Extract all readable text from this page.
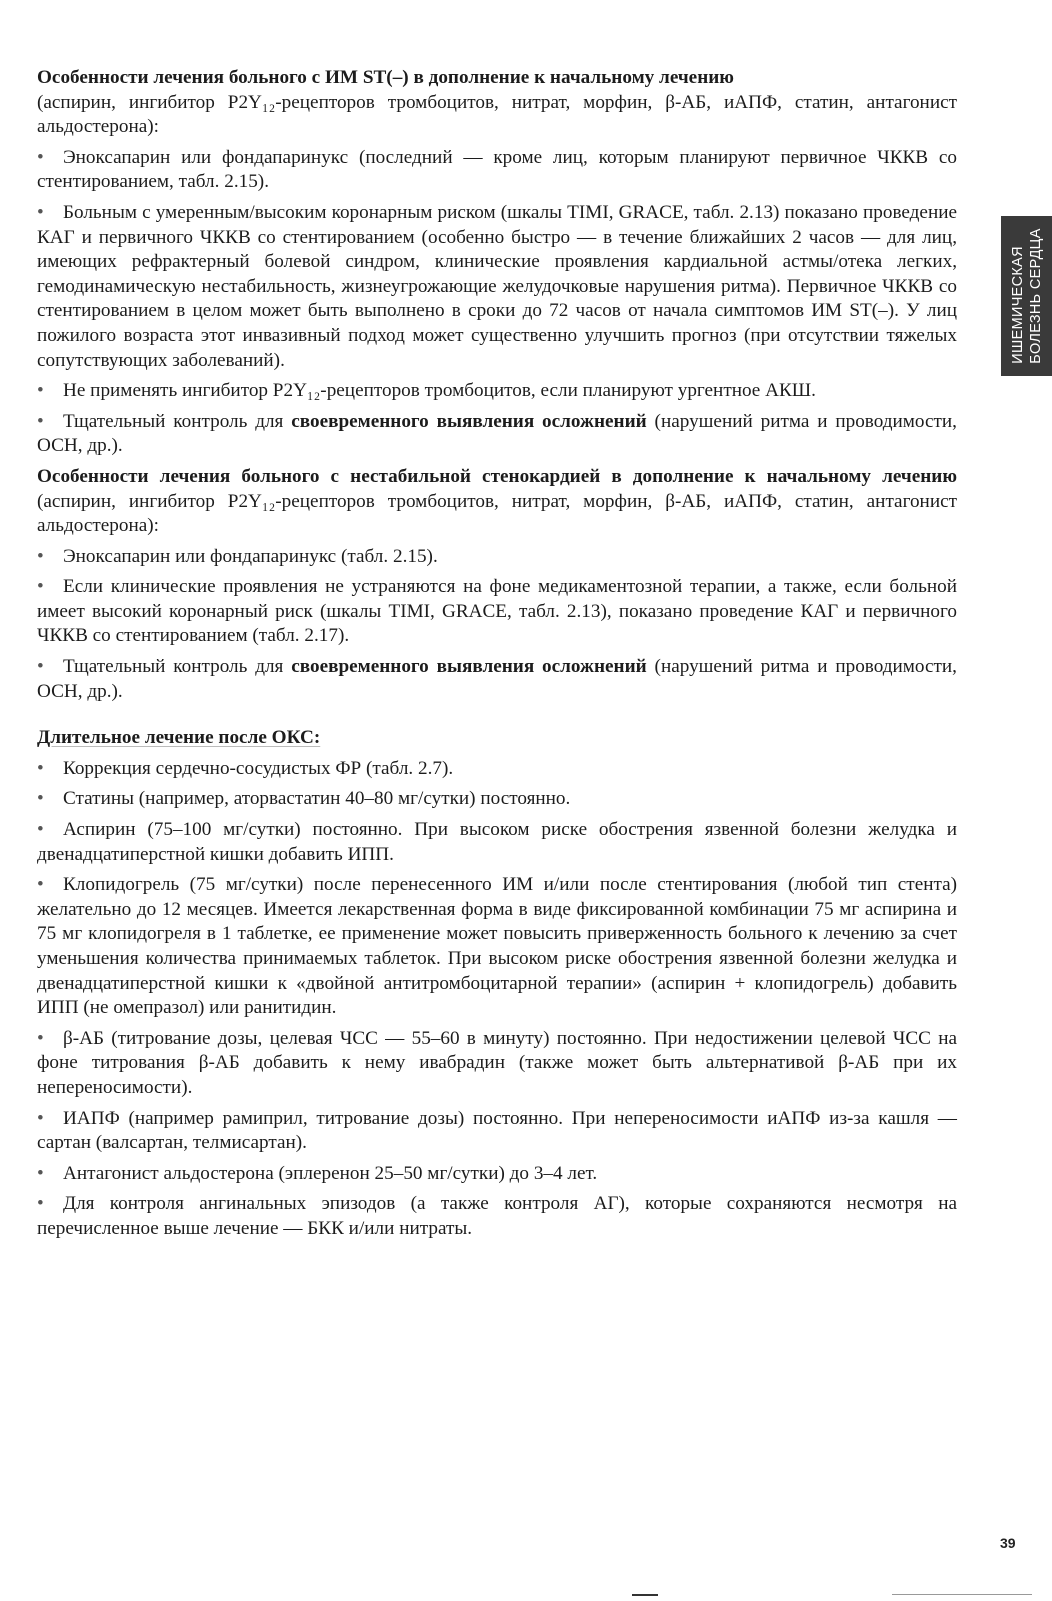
Особенности лечения больного с ИМ ST(–) в дополнение к начальному лечению
(аспирин, ингибитор P2Y₁₂-рецепторов тромбоцитов, нитрат, морфин, β-АБ, иАПФ, статин, антагонист альдостерона):

• Эноксапарин или фондапаринукс (последний — кроме лиц, которым планируют первичное ЧККВ со стентированием, табл. 2.15).

• Больным с умеренным/высоким коронарным риском (шкалы TIMI, GRACE, табл. 2.13) показано проведение КАГ и первичного ЧККВ со стентированием (особенно быстро — в течение ближайших 2 часов — для лиц, имеющих рефрактерный болевой синдром, клинические проявления кардиальной астмы/отека легких, гемодинамическую нестабильность, жизнеугрожающие желудочковые нарушения ритма). Первичное ЧККВ со стентированием в целом может быть выполнено в сроки до 72 часов от начала симптомов ИМ ST(–). У лиц пожилого возраста этот инвазивный подход может существенно улучшить прогноз (при отсутствии тяжелых сопутствующих заболеваний).

• Не применять ингибитор P2Y₁₂-рецепторов тромбоцитов, если планируют ургентное АКШ.

• Тщательный контроль для своевременного выявления осложнений (нарушений ритма и проводимости, ОСН, др.).

Особенности лечения больного с нестабильной стенокардией в дополнение к начальному лечению (аспирин, ингибитор P2Y₁₂-рецепторов тромбоцитов, нитрат, морфин, β-АБ, иАПФ, статин, антагонист альдостерона):

• Эноксапарин или фондапаринукс (табл. 2.15).

• Если клинические проявления не устраняются на фоне медикаментозной терапии, а также, если больной имеет высокий коронарный риск (шкалы TIMI, GRACE, табл. 2.13), показано проведение КАГ и первичного ЧККВ со стентированием (табл. 2.17).

• Тщательный контроль для своевременного выявления осложнений (нарушений ритма и проводимости, ОСН, др.).

Длительное лечение после ОКС:

• Коррекция сердечно-сосудистых ФР (табл. 2.7).

• Статины (например, аторвастатин 40–80 мг/сутки) постоянно.

• Аспирин (75–100 мг/сутки) постоянно. При высоком риске обострения язвенной болезни желудка и двенадцатиперстной кишки добавить ИПП.

• Клопидогрель (75 мг/сутки) после перенесенного ИМ и/или после стентирования (любой тип стента) желательно до 12 месяцев. Имеется лекарственная форма в виде фиксированной комбинации 75 мг аспирина и 75 мг клопидогреля в 1 таблетке, ее применение может повысить приверженность больного к лечению за счет уменьшения количества принимаемых таблеток. При высоком риске обострения язвенной болезни желудка и двенадцатиперстной кишки к «двойной антитромбоцитарной терапии» (аспирин + клопидогрель) добавить ИПП (не омепразол) или ранитидин.

• β-АБ (титрование дозы, целевая ЧСС — 55–60 в минуту) постоянно. При недостижении целевой ЧСС на фоне титрования β-АБ добавить к нему ивабрадин (также может быть альтернативой β-АБ при их непереносимости).

• ИАПФ (например рамиприл, титрование дозы) постоянно. При непереносимости иАПФ из-за кашля — сартан (валсартан, телмисартан).

• Антагонист альдостерона (эплеренон 25–50 мг/сутки) до 3–4 лет.

• Для контроля ангинальных эпизодов (а также контроля АГ), которые сохраняются несмотря на перечисленное выше лечение — БКК и/или нитраты.

ИШЕМИЧЕСКАЯ БОЛЕЗНЬ СЕРДЦА
39
